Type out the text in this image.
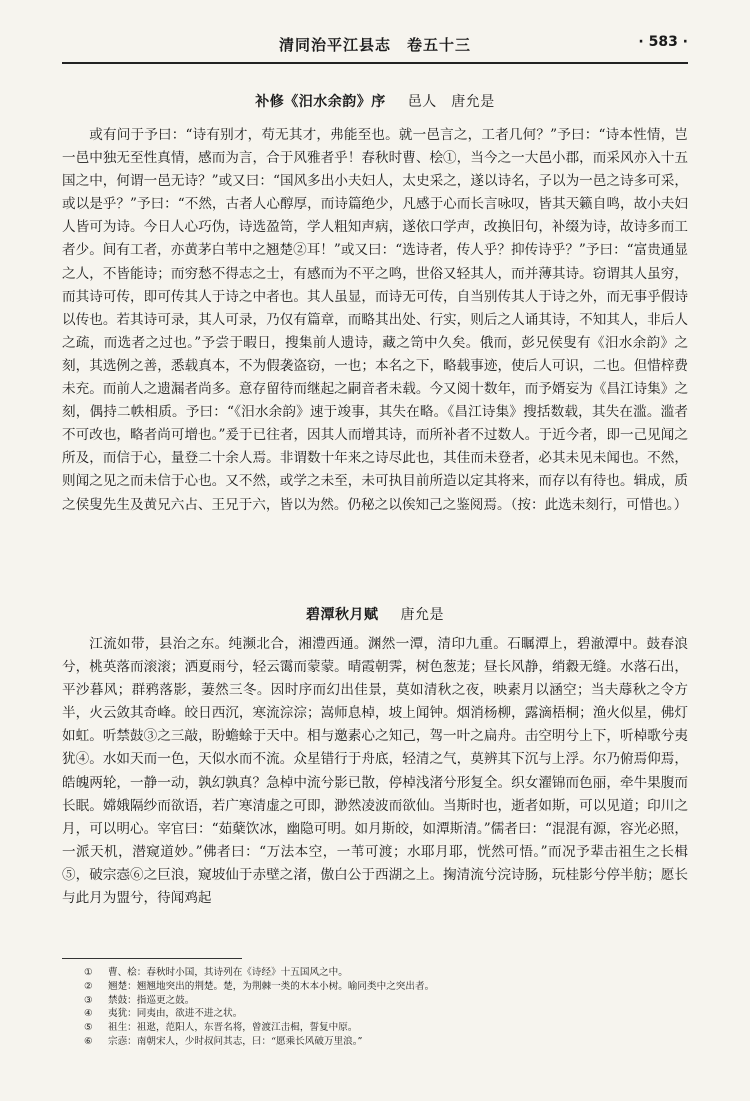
清同治平江县志　卷五十三	· 583 ·
补修《汨水余韵》序 邑人　唐允是

或有问于予曰：“诗有别才，苟无其才，弗能至也。就一邑言之，工者几何？”予曰：“诗本性情，岂一邑中独无至性真情，感而为言，合于风雅者乎！春秋时曹、桧①，当今之一大邑小郡，而采风亦入十五国之中，何谓一邑无诗？”或又曰：“国风多出小夫妇人，太史采之，遂以诗名，子以为一邑之诗多可采，或以是乎？”予曰：“不然，古者人心醇厚，而诗篇绝少，凡感于心而长言咏叹，皆其天籁自鸣，故小夫妇人皆可为诗。今日人心巧伪，诗选盈笥，学人粗知声病，遂依口学声，改换旧句，补缀为诗，故诗多而工者少。间有工者，亦黄茅白苇中之翘楚②耳！”或又曰：“选诗者，传人乎？抑传诗乎？”予曰：“富贵通显之人，不皆能诗；而穷愁不得志之士，有感而为不平之鸣，世俗又轻其人，而并薄其诗。窃谓其人虽穷，而其诗可传，即可传其人于诗之中者也。其人虽显，而诗无可传，自当别传其人于诗之外，而无事乎假诗以传也。若其诗可录，其人可录，乃仅有篇章，而略其出处、行实，则后之人诵其诗，不知其人，非后人之疏，而选者之过也。”予尝于暇日，搜集前人遗诗，藏之笥中久矣。俄而，彭兄侯叟有《汨水余韵》之刻，其选例之善，悉载真本，不为假袭盗窃，一也；本名之下，略载事迹，使后人可识，二也。但惜梓费未充。而前人之遗漏者尚多。意存留待而继起之嗣音者未载。今又阅十数年，而予婿妄为《昌江诗集》之刻，偶持二帙相质。予曰：“《汨水余韵》速于竣事，其失在略。《昌江诗集》搜括数载，其失在滥。滥者不可改也，略者尚可增也。”爰于已往者，因其人而增其诗，而所补者不过数人。于近今者，即一己见闻之所及，而信于心，量登二十余人焉。非谓数十年来之诗尽此也，其佳而未登者，必其未见未闻也。不然，则闻之见之而未信于心也。又不然，或学之未至，未可执目前所造以定其将来，而存以有待也。辑成，质之侯叟先生及黄兄六占、王兄于六，皆以为然。仍秘之以俟知己之鉴阅焉。（按：此选未刻行，可惜也。）

碧潭秋月赋 唐允是

江流如带，县治之东。纯濒北合，湘澧西通。渊然一潭，清印九重。石瞩潭上，碧澈潭中。鼓春浪兮，桃英落而滚滚；洒夏雨兮，轻云霭而蒙蒙。晴霞朝霁，树色葱茏；昼长风静，绡縠无缝。水落石出，平沙暮风；群鸦落影，萋然三冬。因时序而幻出佳景，莫如清秋之夜，映素月以涵空；当夫蓐秋之令方半，火云敛其奇峰。皎日西沉，寒流淙淙；嵩师息棹，坡上闻钟。烟消杨柳，露滴梧桐；渔火似星，佛灯如虹。听禁鼓③之三敲，盼蟾蜍于天中。相与邀素心之知己，驾一叶之扁舟。击空明兮上下，听棹歌兮夷犹④。水如天而一色，天似水而不流。众星错行于舟底，轻清之气，莫辨其下沉与上浮。尔乃俯焉仰焉，皓魄两轮，一静一动，孰幻孰真？急棹中流兮影已散，停棹浅渚兮形复全。织女濯锦而色丽，牵牛果腹而长眠。嫦娥隔纱而欲语，若广寒清虚之可即，渺然凌波而欲仙。当斯时也，逝者如斯，可以见道；印川之月，可以明心。宰官曰：“茹蘖饮冰，幽隐可明。如月斯皎，如潭斯清。”儒者曰：“混混有源，容光必照，一派天机，潜窥道妙。”佛者曰：“万法本空，一苇可渡；水耶月耶，恍然可悟。”而况予辈击祖生之长楫⑤，破宗悫⑥之巨浪，窥坡仙于赤壁之渚，傲白公于西湖之上。掬清流兮浣诗肠，玩桂影兮停半舫；愿长与此月为盟兮，待闻鸡起

① 曹、桧：春秋时小国，其诗列在《诗经》十五国风之中。
② 翘楚：翘翘地突出的荆楚。楚，为荆棘一类的木本小树。喻同类中之突出者。
③ 禁鼓：指巡更之鼓。
④ 夷犹：同夷由，欲进不进之状。
⑤ 祖生：祖逖，范阳人，东晋名将，曾渡江击楫，誓复中原。
⑥ 宗悫：南朝宋人，少时叔问其志，曰：“愿乘长风破万里浪。”
